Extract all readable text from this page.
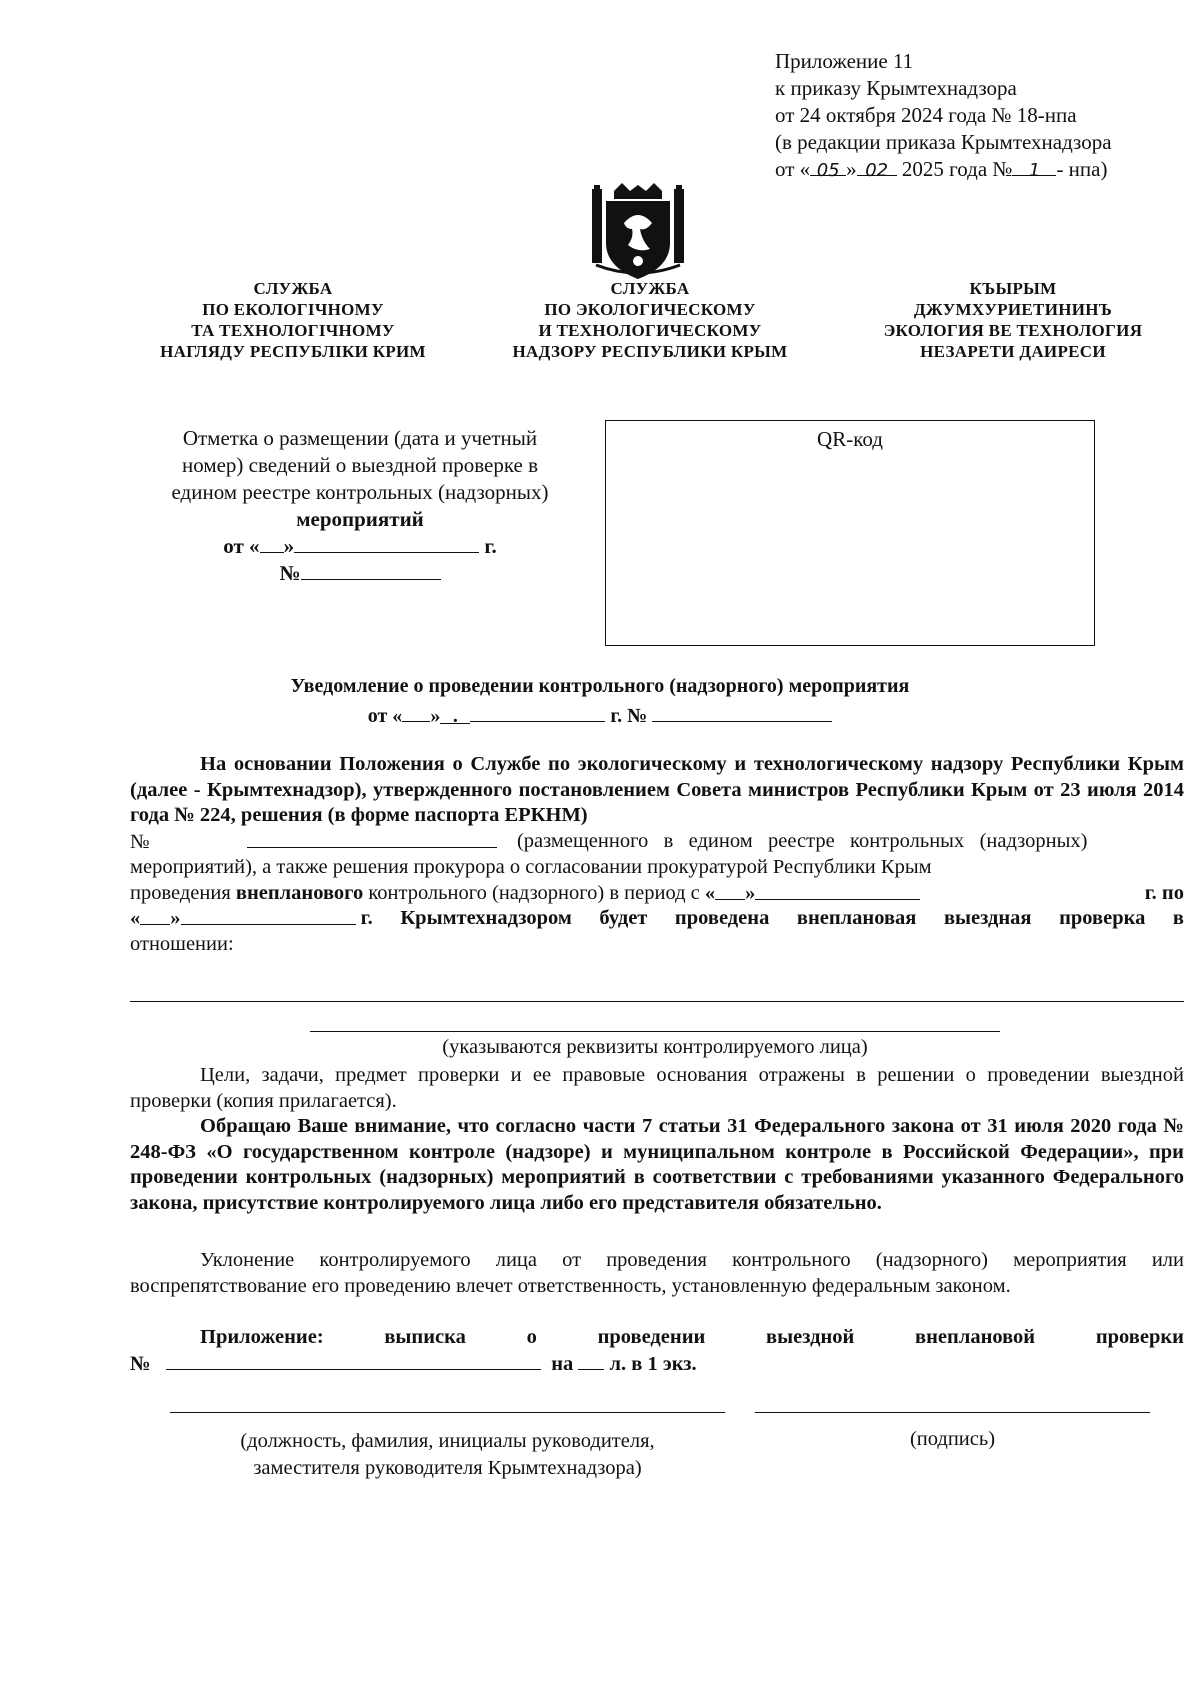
Приложение 11
к приказу Крымтехнадзора
от 24 октября 2024 года № 18-нпа
(в редакции приказа Крымтехнадзора
от « 05 » 02 2025 года № 1 - нпа)
СЛУЖБА
ПО ЕКОЛОГІЧНОМУ
ТА ТЕХНОЛОГІЧНОМУ
НАГЛЯДУ РЕСПУБЛІКИ КРИМ
СЛУЖБА
ПО ЭКОЛОГИЧЕСКОМУ
И ТЕХНОЛОГИЧЕСКОМУ
НАДЗОРУ РЕСПУБЛИКИ КРЫМ
КЪЫРЫМ
ДЖУМХУРИЕТИНИНЪ
ЭКОЛОГИЯ ВЕ ТЕХНОЛОГИЯ
НЕЗАРЕТИ ДАИРЕСИ
Отметка о размещении (дата и учетный
номер) сведений о выездной проверке в
едином реестре контрольных (надзорных)
мероприятий
от « »	г.
№
QR-код
Уведомление о проведении контрольного (надзорного) мероприятия
от « » .	г. №
На основании Положения о Службе по экологическому и технологическому надзору Республики Крым (далее - Крымтехнадзор), утвержденного постановлением Совета министров Республики Крым от 23 июля 2014 года № 224, решения (в форме паспорта ЕРКНМ)
№	(размещенного   в   едином   реестре   контрольных   (надзорных)
мероприятий), а также решения прокурора о согласовании прокуратурой Республики Крым
проведения внепланового контрольного (надзорного) в период с « »	г. по
« »
	г. Крымтехнадзором будет проведена внеплановая выездная проверка в
отношении:
(указываются реквизиты контролируемого лица)
Цели, задачи, предмет проверки и ее правовые основания отражены в решении о проведении выездной проверки (копия прилагается).
Обращаю Ваше внимание, что согласно части 7 статьи 31 Федерального закона от 31 июля 2020 года № 248-ФЗ «О государственном контроле (надзоре) и муниципальном контроле в Российской Федерации», при проведении контрольных (надзорных) мероприятий в соответствии с требованиями указанного Федерального закона, присутствие контролируемого лица либо его представителя обязательно.
Уклонение контролируемого лица от проведения контрольного (надзорного) мероприятия или воспрепятствование его проведению влечет ответственность, установленную федеральным законом.
Приложение:	выписка	о	проведении	выездной	внеплановой	проверки
№	на л. в 1 экз.
(должность, фамилия, инициалы руководителя,
заместителя руководителя Крымтехнадзора)
(подпись)
